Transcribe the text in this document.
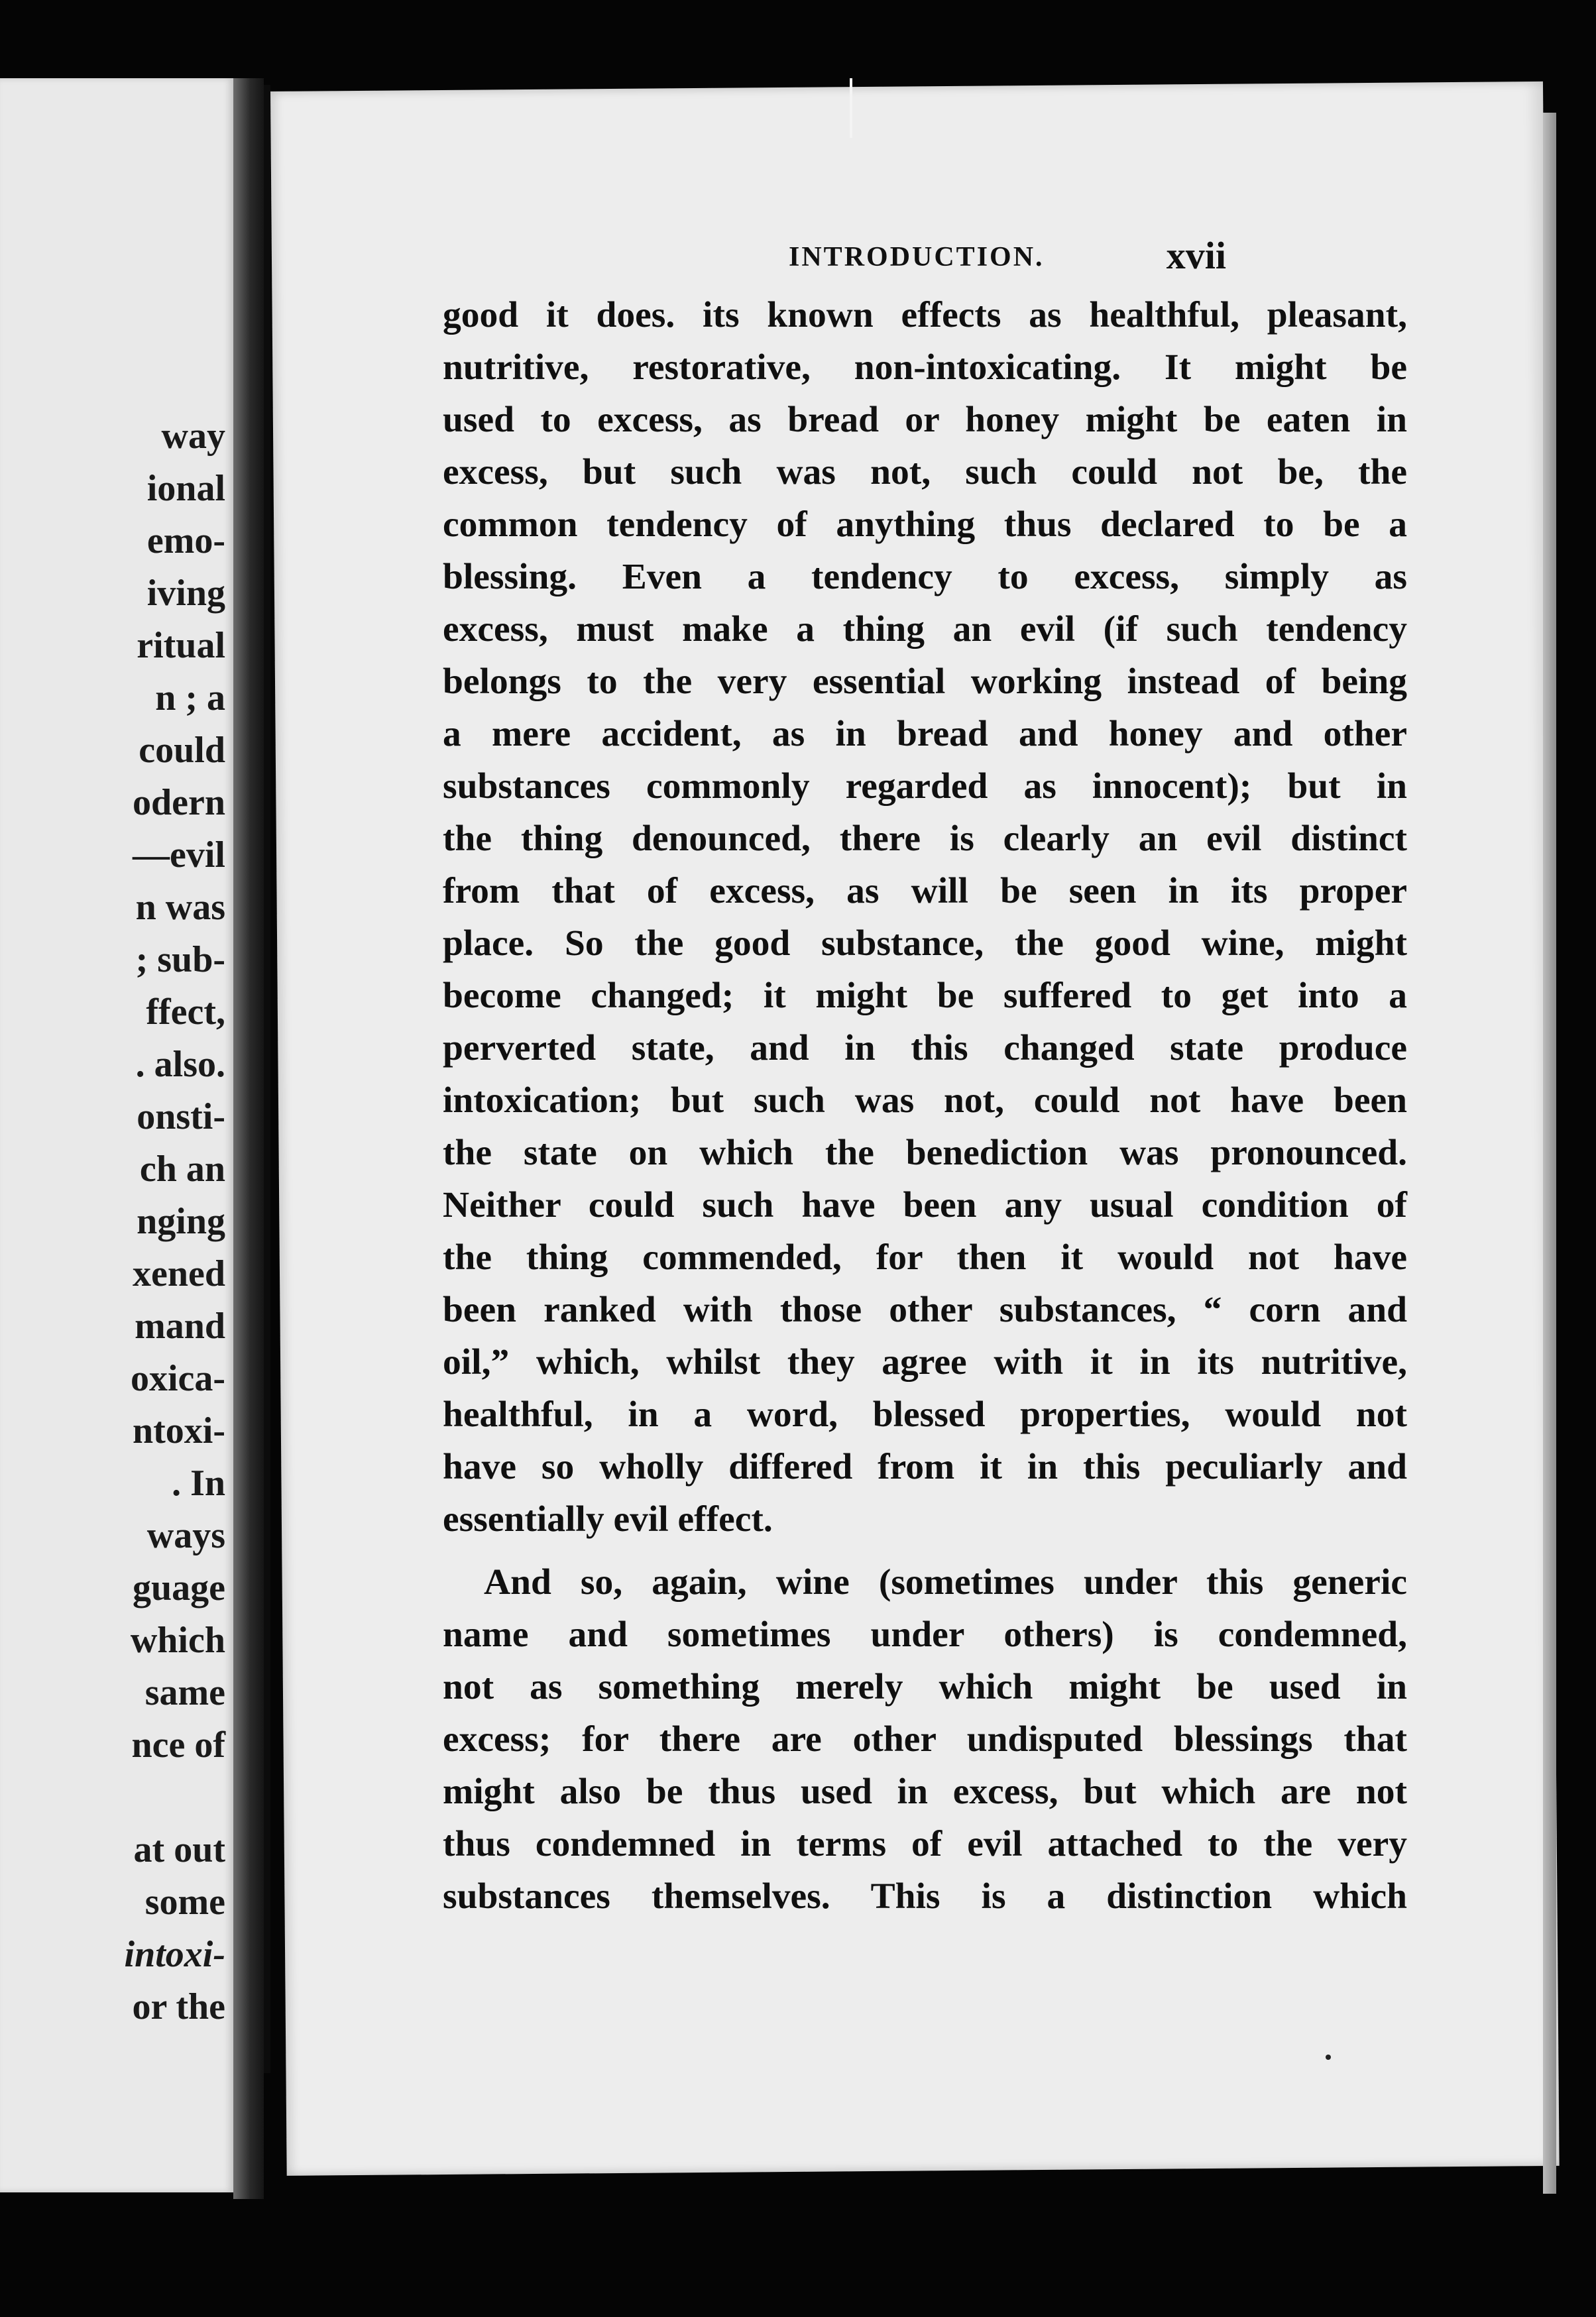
way
ional
emo-
iving
ritual
n ; a
could
odern
—evil
n was
; sub-
ffect,
. also.
onsti-
ch an
nging
xened
mand
oxica-
ntoxi-
. In
ways
guage
which
same
nce of
at out
some
intoxi-
or the
INTRODUCTION.	xvii
good it does. its known effects as healthful, pleasant,
nutritive, restorative, non-intoxicating. It might be
used to excess, as bread or honey might be eaten in
excess, but such was not, such could not be, the
common tendency of anything thus declared to be a
blessing. Even a tendency to excess, simply as
excess, must make a thing an evil (if such tendency
belongs to the very essential working instead of being
a mere accident, as in bread and honey and other
substances commonly regarded as innocent); but in
the thing denounced, there is clearly an evil distinct
from that of excess, as will be seen in its proper
place. So the good substance, the good wine, might
become changed; it might be suffered to get into a
perverted state, and in this changed state produce
intoxication; but such was not, could not have been
the state on which the benediction was pronounced.
Neither could such have been any usual condition of
the thing commended, for then it would not have
been ranked with those other substances, “ corn and
oil,” which, whilst they agree with it in its nutritive,
healthful, in a word, blessed properties, would not
have so wholly differed from it in this peculiarly and
essentially evil effect.
And so, again, wine (sometimes under this generic
name and sometimes under others) is condemned,
not as something merely which might be used in
excess; for there are other undisputed blessings that
might also be thus used in excess, but which are not
thus condemned in terms of evil attached to the very
substances themselves. This is a distinction which
